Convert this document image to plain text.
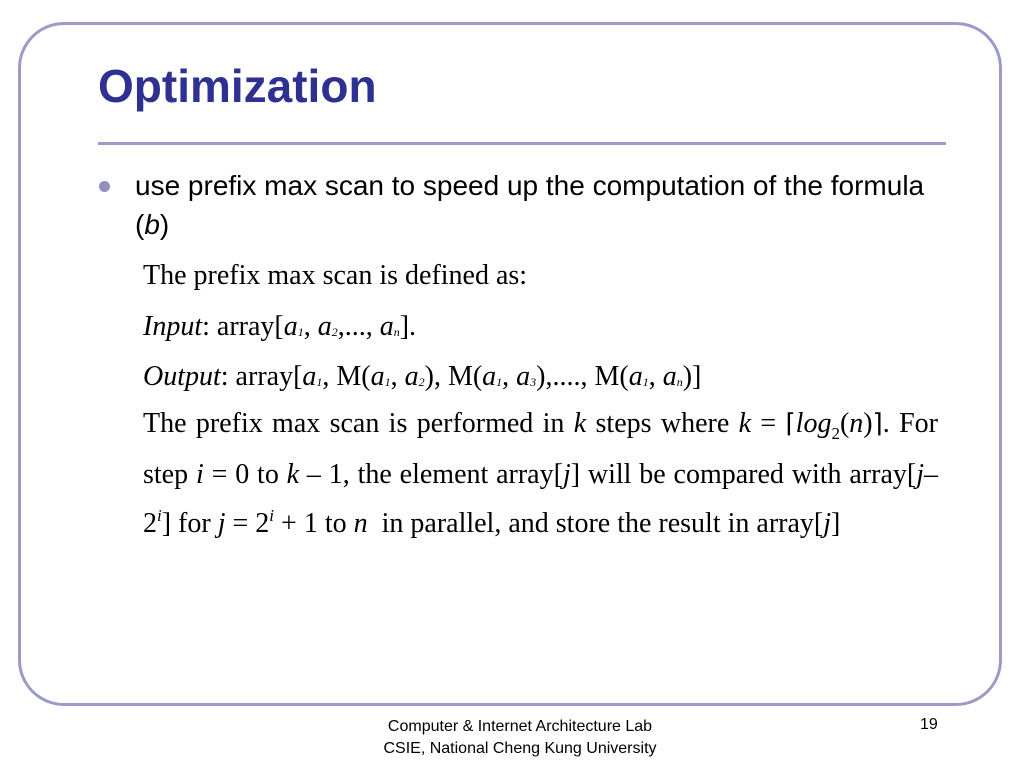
Optimization
use prefix max scan to speed up the computation of the formula (b)
The prefix max scan is defined as:
Input: array[a1, a2,..., an].
Output: array[a1, M(a1, a2), M(a1, a3),...., M(a1, an)]
The prefix max scan is performed in k steps where $k = ⌈\log_2(n)⌉$. For step i = 0 to k – 1, the element array[j] will be compared with array[j–2$^i$] for $j = 2^i + 1$ to n  in parallel, and store the result in array[j]
Computer & Internet Architecture Lab
CSIE, National Cheng Kung University
19
